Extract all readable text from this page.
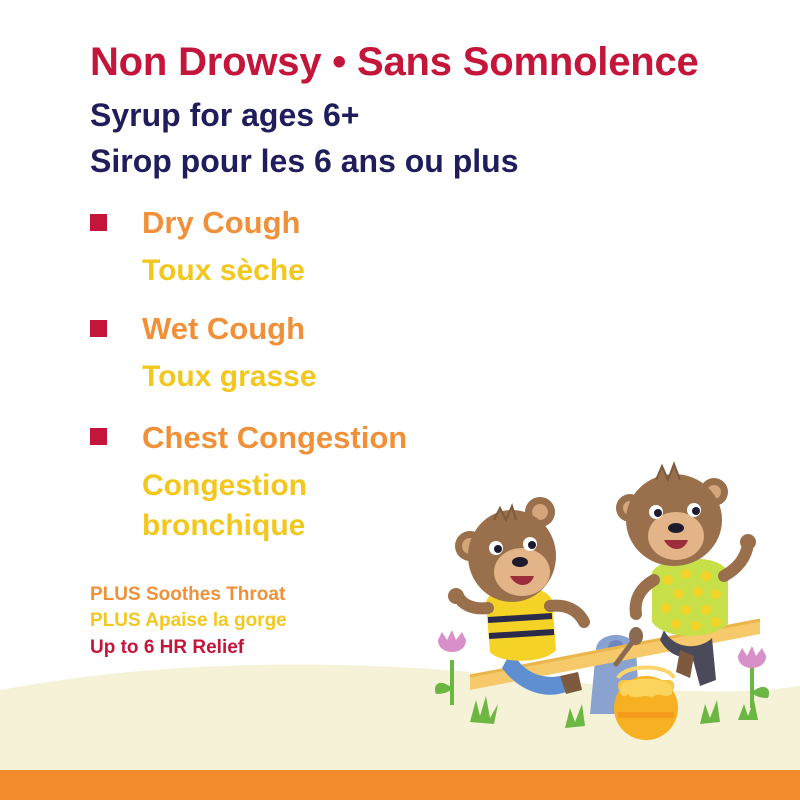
Non Drowsy • Sans Somnolence

Syrup for ages 6+

Sirop pour les 6 ans ou plus

Dry Cough
Toux sèche
Wet Cough
Toux grasse
Chest Congestion
Congestion
bronchique
PLUS Soothes Throat
PLUS Apaise la gorge
Up to 6 HR Relief
